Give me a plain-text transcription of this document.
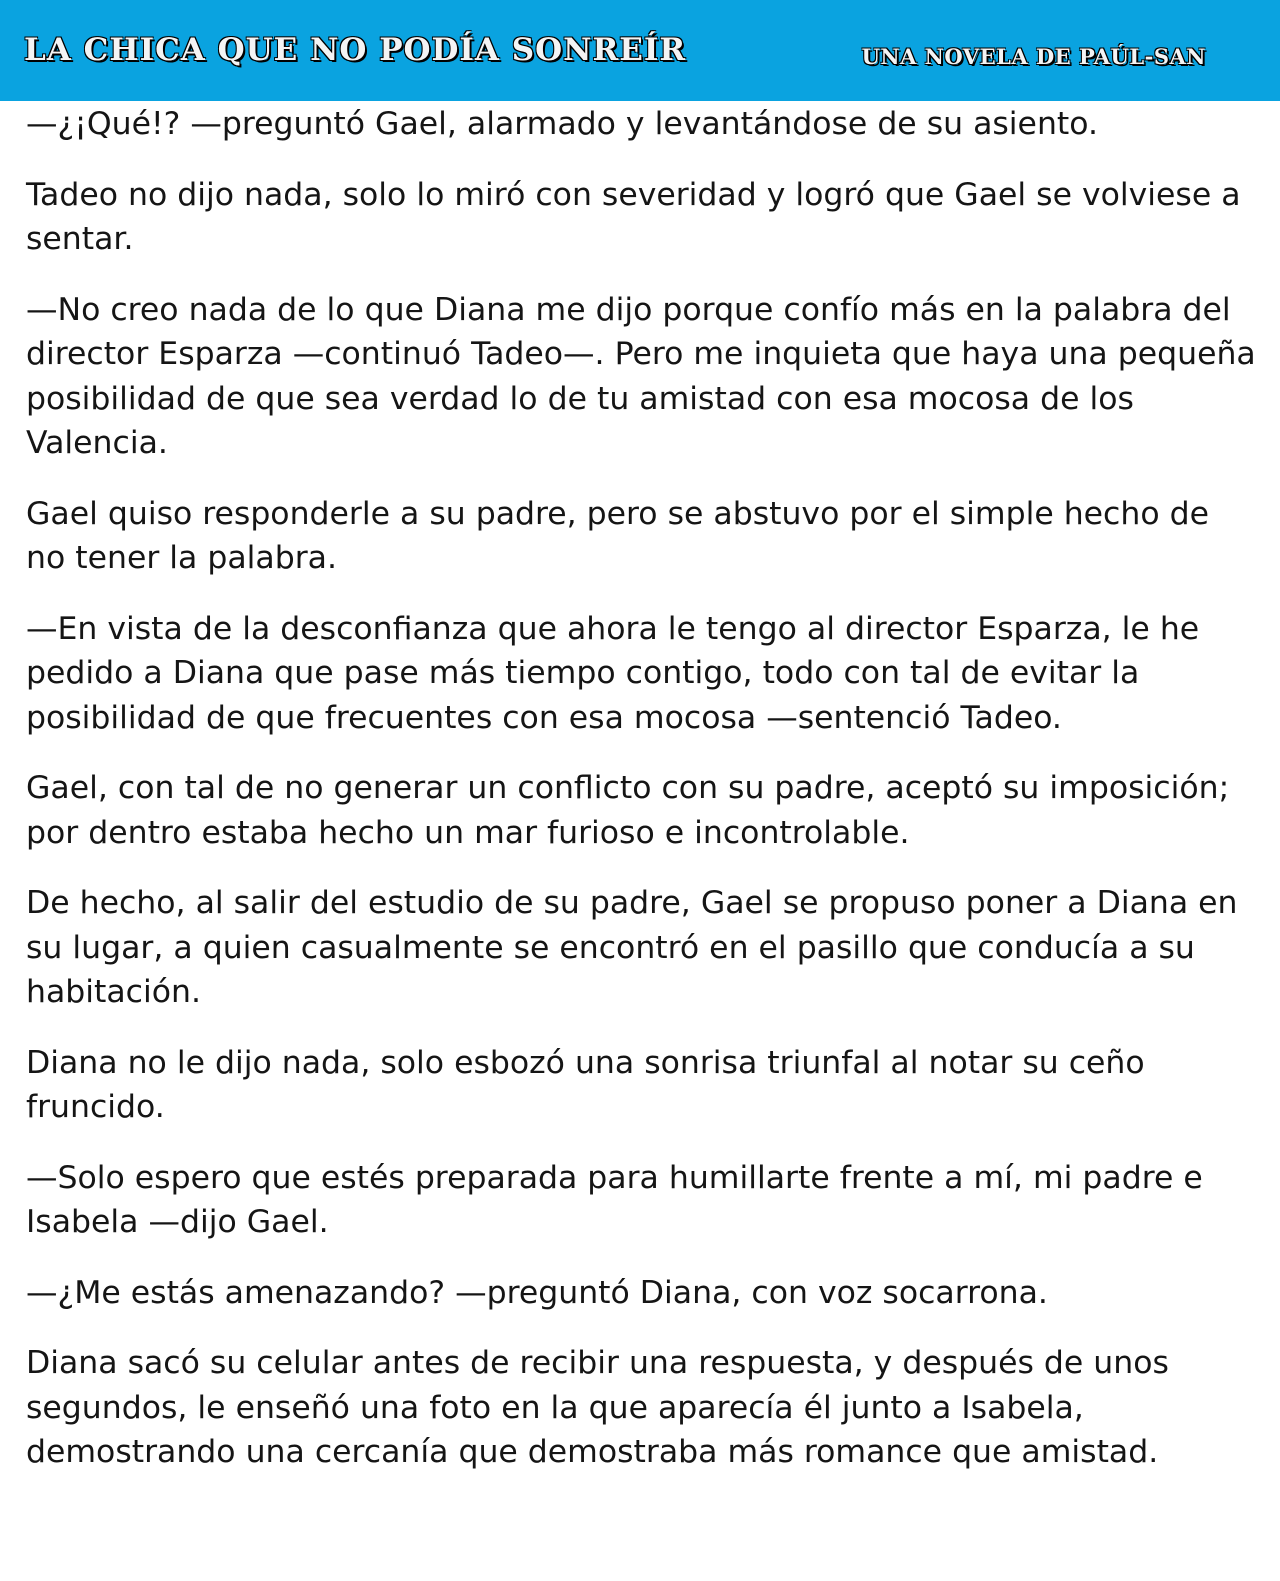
LA CHICA QUE NO PODÍA SONREÍR	UNA NOVELA DE PAÚL-SAN

—¿¡Qué!? —preguntó Gael, alarmado y levantándose de su asiento.

Tadeo no dijo nada, solo lo miró con severidad y logró que Gael se volviese a sentar.

—No creo nada de lo que Diana me dijo porque confío más en la palabra del director Esparza —continuó Tadeo—. Pero me inquieta que haya una pequeña posibilidad de que sea verdad lo de tu amistad con esa mocosa de los Valencia.

Gael quiso responderle a su padre, pero se abstuvo por el simple hecho de no tener la palabra.

—En vista de la desconfianza que ahora le tengo al director Esparza, le he pedido a Diana que pase más tiempo contigo, todo con tal de evitar la posibilidad de que frecuentes con esa mocosa —sentenció Tadeo.

Gael, con tal de no generar un conflicto con su padre, aceptó su imposición; por dentro estaba hecho un mar furioso e incontrolable.

De hecho, al salir del estudio de su padre, Gael se propuso poner a Diana en su lugar, a quien casualmente se encontró en el pasillo que conducía a su habitación.

Diana no le dijo nada, solo esbozó una sonrisa triunfal al notar su ceño fruncido.

—Solo espero que estés preparada para humillarte frente a mí, mi padre e Isabela —dijo Gael.

—¿Me estás amenazando? —preguntó Diana, con voz socarrona.

Diana sacó su celular antes de recibir una respuesta, y después de unos segundos, le enseñó una foto en la que aparecía él junto a Isabela, demostrando una cercanía que demostraba más romance que amistad.
